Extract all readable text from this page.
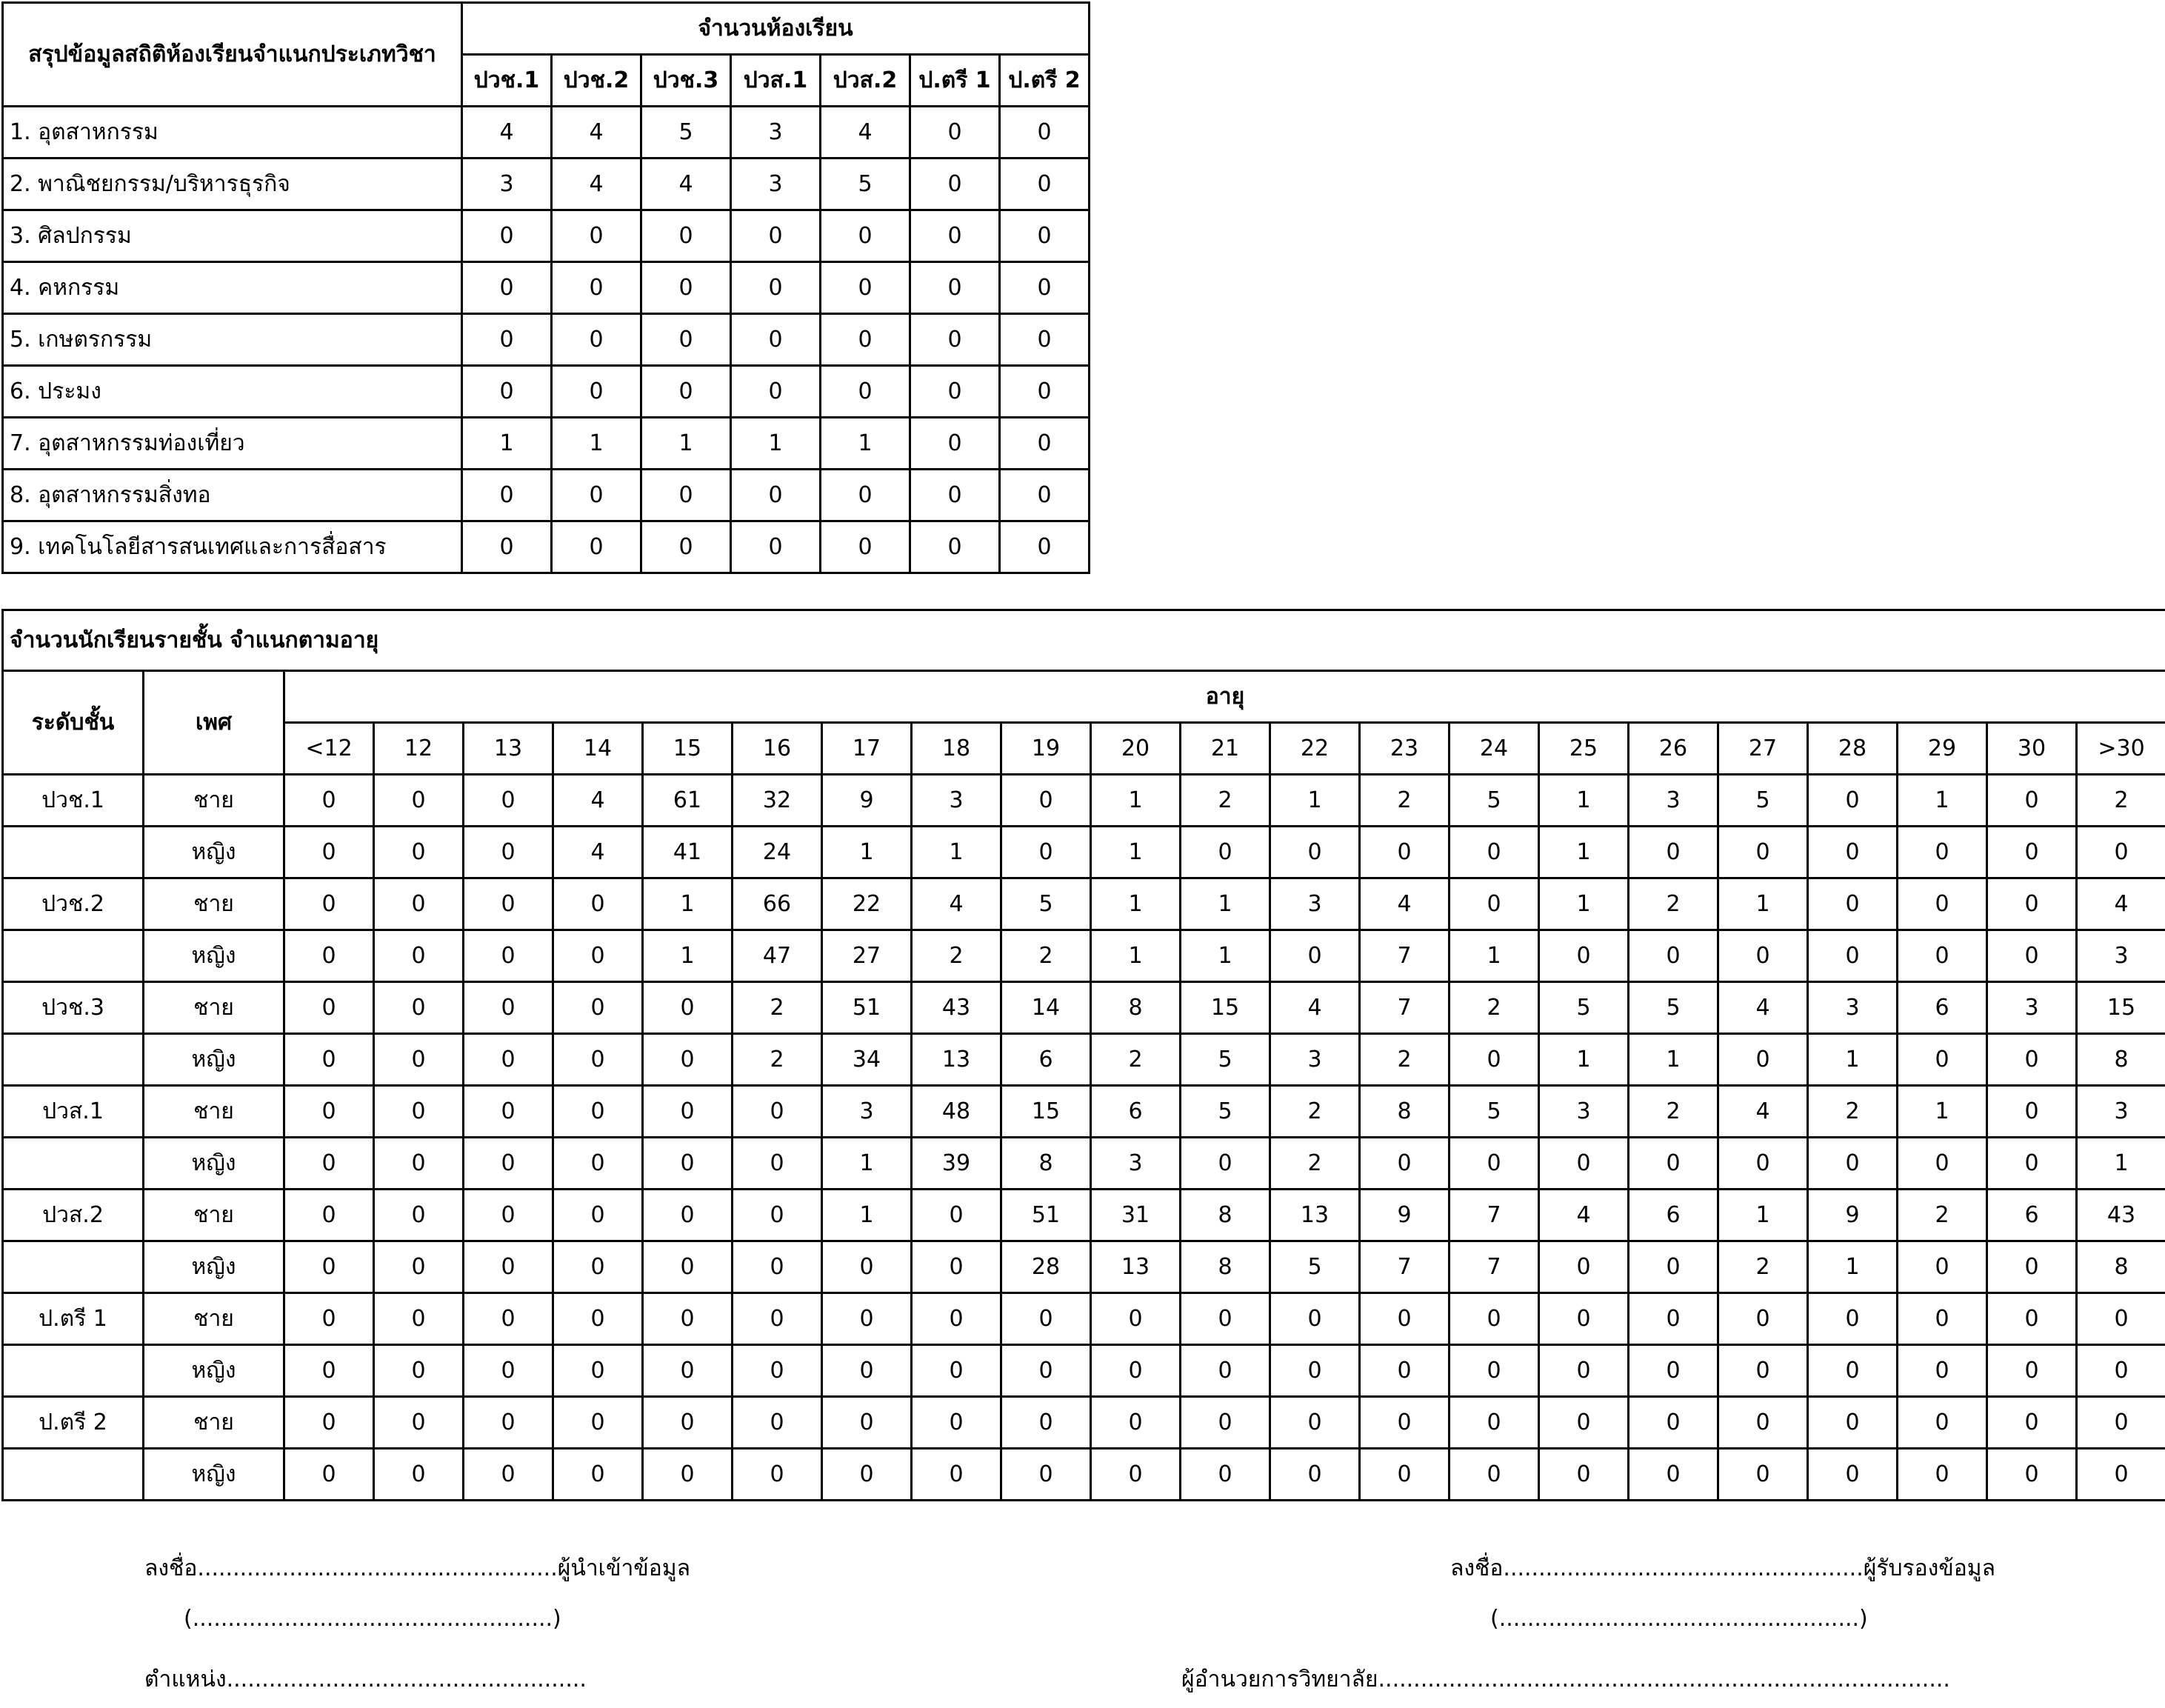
สรุปข้อมูลสถิติห้องเรียนจำแนกประเภทวิชา	จำนวนห้องเรียน						
	ปวช.1	ปวช.2	ปวช.3	ปวส.1	ปวส.2	ป.ตรี 1	ป.ตรี 2
1. อุตสาหกรรม	4	4	5	3	4	0	0
2. พาณิชยกรรม/บริหารธุรกิจ	3	4	4	3	5	0	0
3. ศิลปกรรม	0	0	0	0	0	0	0
4. คหกรรม	0	0	0	0	0	0	0
5. เกษตรกรรม	0	0	0	0	0	0	0
6. ประมง	0	0	0	0	0	0	0
7. อุตสาหกรรมท่องเที่ยว	1	1	1	1	1	0	0
8. อุตสาหกรรมสิ่งทอ	0	0	0	0	0	0	0
9. เทคโนโลยีสารสนเทศและการสื่อสาร	0	0	0	0	0	0	0
จำนวนนักเรียนรายชั้น จำแนกตามอายุ																						
ระดับชั้น	เพศ	อายุ																				
		<12	12	13	14	15	16	17	18	19	20	21	22	23	24	25	26	27	28	29	30	>30
ปวช.1	ชาย	0	0	0	4	61	32	9	3	0	1	2	1	2	5	1	3	5	0	1	0	2
	หญิง	0	0	0	4	41	24	1	1	0	1	0	0	0	0	1	0	0	0	0	0	0
ปวช.2	ชาย	0	0	0	0	1	66	22	4	5	1	1	3	4	0	1	2	1	0	0	0	4
	หญิง	0	0	0	0	1	47	27	2	2	1	1	0	7	1	0	0	0	0	0	0	3
ปวช.3	ชาย	0	0	0	0	0	2	51	43	14	8	15	4	7	2	5	5	4	3	6	3	15
	หญิง	0	0	0	0	0	2	34	13	6	2	5	3	2	0	1	1	0	1	0	0	8
ปวส.1	ชาย	0	0	0	0	0	0	3	48	15	6	5	2	8	5	3	2	4	2	1	0	3
	หญิง	0	0	0	0	0	0	1	39	8	3	0	2	0	0	0	0	0	0	0	0	1
ปวส.2	ชาย	0	0	0	0	0	0	1	0	51	31	8	13	9	7	4	6	1	9	2	6	43
	หญิง	0	0	0	0	0	0	0	0	28	13	8	5	7	7	0	0	2	1	0	0	8
ป.ตรี 1	ชาย	0	0	0	0	0	0	0	0	0	0	0	0	0	0	0	0	0	0	0	0	0
	หญิง	0	0	0	0	0	0	0	0	0	0	0	0	0	0	0	0	0	0	0	0	0
ป.ตรี 2	ชาย	0	0	0	0	0	0	0	0	0	0	0	0	0	0	0	0	0	0	0	0	0
	หญิง	0	0	0	0	0	0	0	0	0	0	0	0	0	0	0	0	0	0	0	0	0
ลงชื่อ...................................................ผู้นำเข้าข้อมูล
(...................................................)
ตำแหน่ง...................................................
ลงชื่อ...................................................ผู้รับรองข้อมูล
(...................................................)
ผู้อำนวยการวิทยาลัย.................................................................................
